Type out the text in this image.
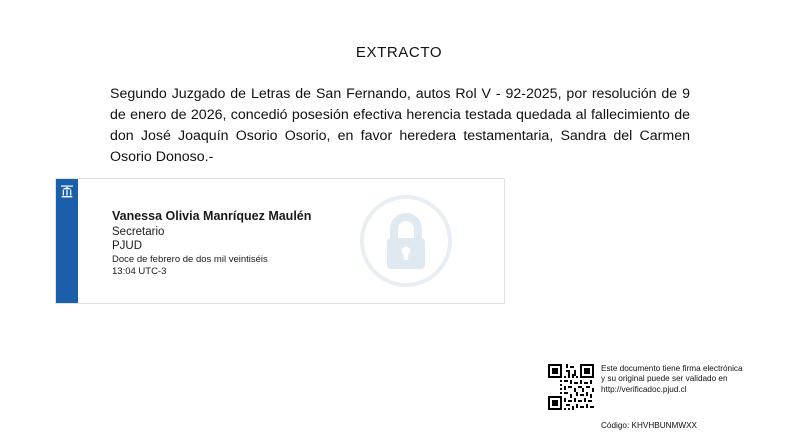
EXTRACTO
Segundo Juzgado de Letras de San Fernando, autos Rol V - 92-2025, por resolución de 9 de enero de 2026, concedió posesión efectiva herencia testada quedada al fallecimiento de don José Joaquín Osorio Osorio, en favor heredera testamentaria, Sandra del Carmen Osorio Donoso.-
Vanessa Olivia Manríquez Maulén
Secretario
PJUD
Doce de febrero de dos mil veintiséis
13:04 UTC-3
Este documento tiene firma electrónica
y su original puede ser validado en
http://verificadoc.pjud.cl
Código: KHVHBUNMWXX
